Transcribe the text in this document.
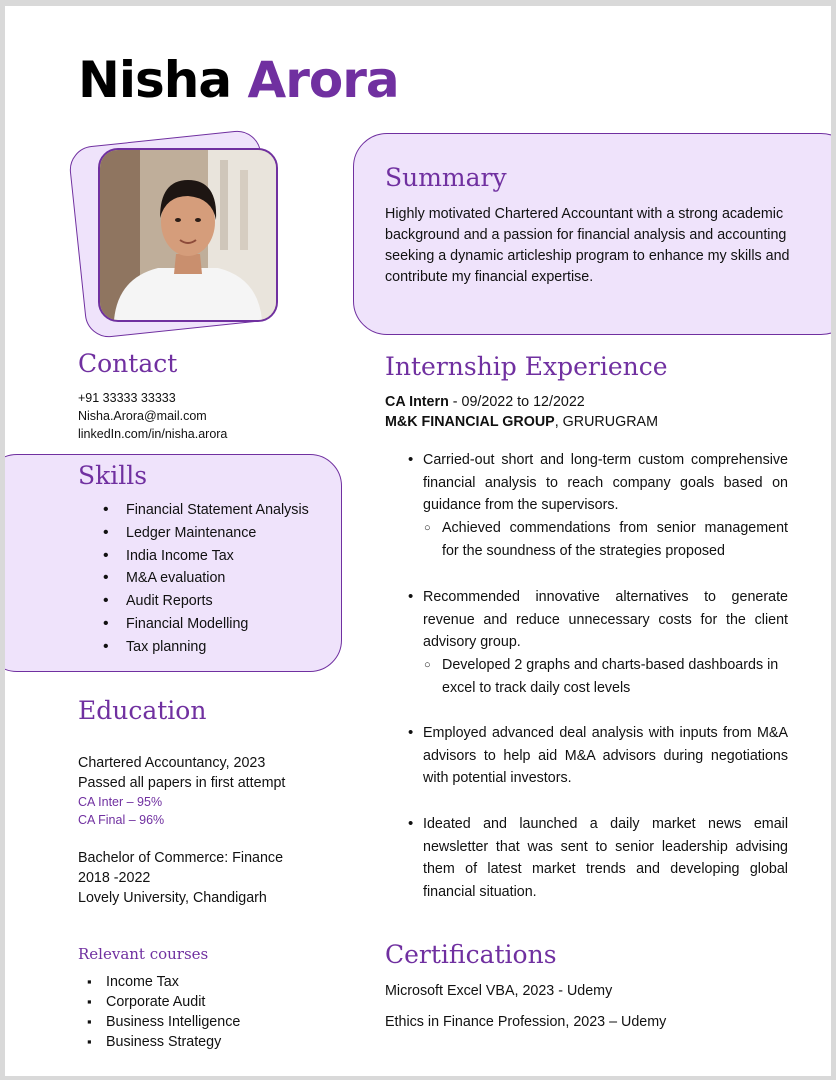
Nisha Arora
Summary

Highly motivated Chartered Accountant with a strong academic background and a passion for financial analysis and accounting seeking a dynamic articleship program to enhance my skills and contribute my financial expertise.

Contact

+91 33333 33333

Nisha.Arora@mail.com

linkedIn.com/in/nisha.arora

Skills
• Financial Statement Analysis
• Ledger Maintenance
• India Income Tax
• M&A evaluation
• Audit Reports
• Financial Modelling
• Tax planning
Education

Chartered Accountancy, 2023

Passed all papers in first attempt

CA Inter – 95%

CA Final – 96%

Bachelor of Commerce: Finance

2018 -2022

Lovely University, Chandigarh

Relevant courses
▪ Income Tax
▪ Corporate Audit
▪ Business Intelligence
▪ Business Strategy
Internship Experience

CA Intern - 09/2022 to 12/2022

M&K FINANCIAL GROUP, GRURUGRAM

• Carried-out short and long-term custom comprehensive financial analysis to reach company goals based on guidance from the supervisors.

○ Achieved commendations from senior management for the soundness of the strategies proposed

• Recommended innovative alternatives to generate revenue and reduce unnecessary costs for the client advisory group.

○ Developed 2 graphs and charts-based dashboards in excel to track daily cost levels

• Employed advanced deal analysis with inputs from M&A advisors to help aid M&A advisors during negotiations with potential investors.

• Ideated and launched a daily market news email newsletter that was sent to senior leadership advising them of latest market trends and developing global financial situation.

Certifications

Microsoft Excel VBA, 2023 - Udemy

Ethics in Finance Profession, 2023 – Udemy
